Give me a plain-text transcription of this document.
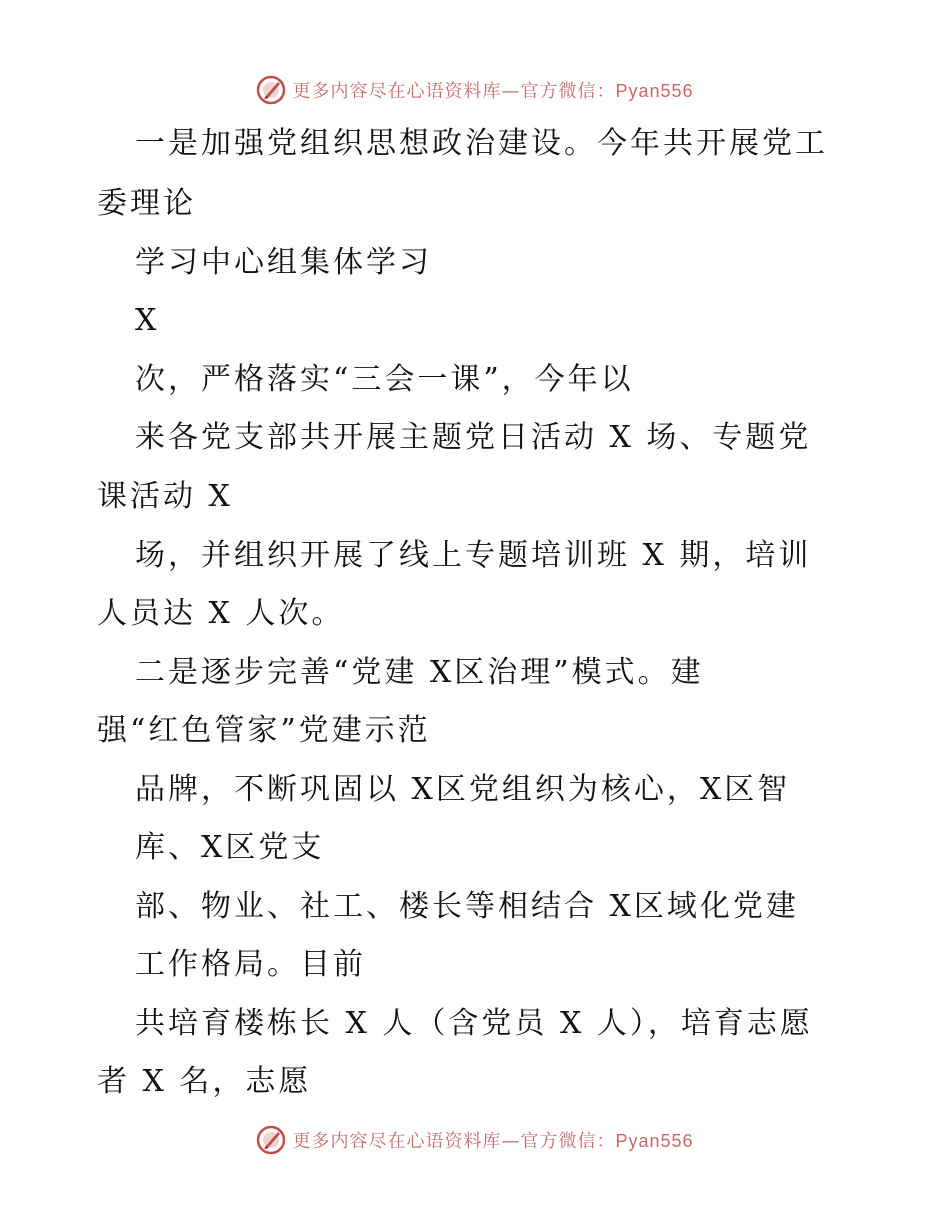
更多内容尽在心语资料库—官方微信：Pyan556
一是加强党组织思想政治建设。今年共开展党工
委理论
学习中心组集体学习
X
次，严格落实“三会一课”，今年以
来各党支部共开展主题党日活动 X 场、专题党
课活动 X
场，并组织开展了线上专题培训班 X 期，培训
人员达 X 人次。
二是逐步完善“党建 X区治理”模式。建
强“红色管家”党建示范
品牌，不断巩固以 X区党组织为核心，X区智
库、X区党支
部、物业、社工、楼长等相结合 X区域化党建
工作格局。目前
共培育楼栋长 X 人（含党员 X 人），培育志愿
者 X 名，志愿
更多内容尽在心语资料库—官方微信：Pyan556
